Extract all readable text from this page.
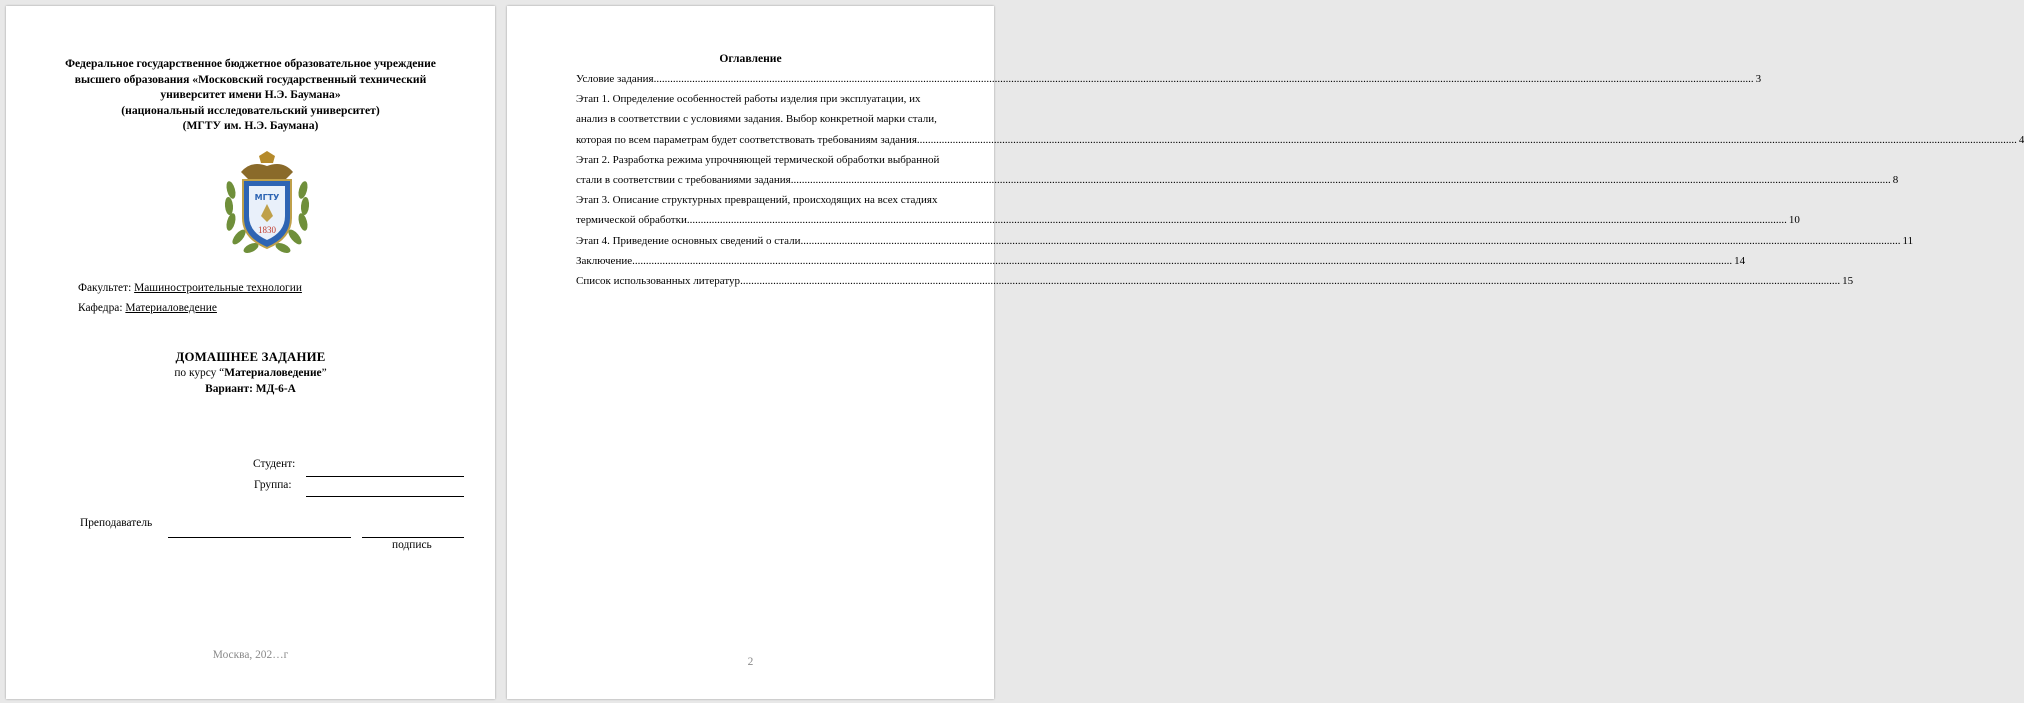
Федеральное государственное бюджетное образовательное учреждение
высшего образования «Московский государственный технический
университет имени Н.Э. Баумана»
(национальный исследовательский университет)
(МГТУ им. Н.Э. Баумана)
МГТУ
1830
Факультет: Машиностроительные технологии
Кафедра: Материаловедение
ДОМАШНЕЕ ЗАДАНИЕ
по курсу “Материаловедение”
Вариант: МД-6-А
Студент:
Группа:
Преподаватель
подпись
Москва, 202…г
Оглавление
Условие задания ................................................................................................................................................................................................................................................................................................................................................................................................................ 3
Этап 1. Определение особенностей работы изделия при эксплуатации, их
анализ в соответствии с условиями задания. Выбор конкретной марки стали,
которая по всем параметрам будет соответствовать требованиям задания ................................................................................................................................................................................................................................................................................................................................................................................................................ 4
Этап 2. Разработка режима упрочняющей термической обработки выбранной
стали в соответствии с требованиями задания ................................................................................................................................................................................................................................................................................................................................................................................................................ 8
Этап 3. Описание структурных превращений, происходящих на всех стадиях
термической обработки ................................................................................................................................................................................................................................................................................................................................................................................................................ 10
Этап 4. Приведение основных сведений о стали ................................................................................................................................................................................................................................................................................................................................................................................................................ 11
Заключение ................................................................................................................................................................................................................................................................................................................................................................................................................ 14
Список использованных литератур ................................................................................................................................................................................................................................................................................................................................................................................................................ 15
2
